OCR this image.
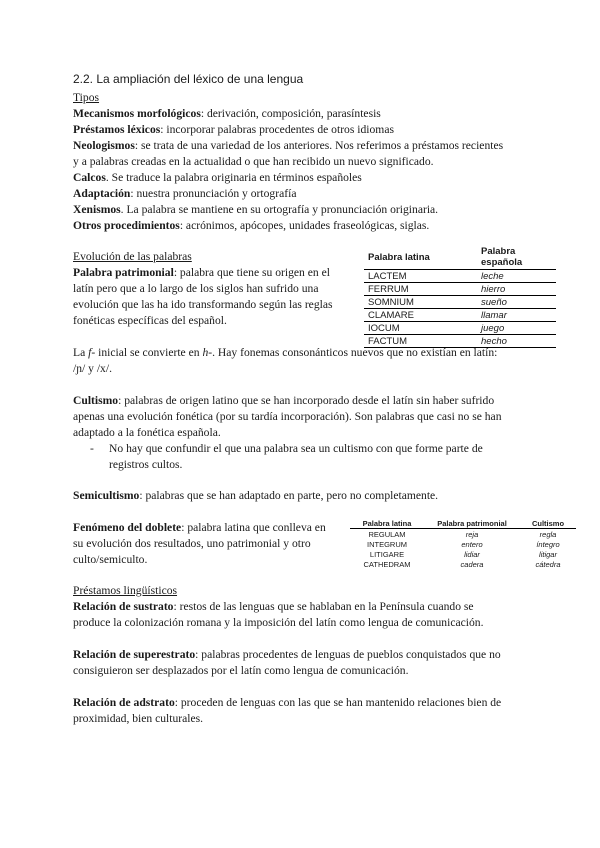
2.2. La ampliación del léxico de una lengua
Tipos
Mecanismos morfológicos: derivación, composición, parasíntesis
Préstamos léxicos: incorporar palabras procedentes de otros idiomas
Neologismos: se trata de una variedad de los anteriores. Nos referimos a préstamos recientes
y a palabras creadas en la actualidad o que han recibido un nuevo significado.
Calcos. Se traduce la palabra originaria en términos españoles
Adaptación: nuestra pronunciación y ortografía
Xenismos. La palabra se mantiene en su ortografía y pronunciación originaria.
Otros procedimientos: acrónimos, apócopes, unidades fraseológicas, siglas.
Evolución de las palabras
Palabra patrimonial: palabra que tiene su origen en el
latín pero que a lo largo de los siglos han sufrido una
evolución que las ha ido transformando según las reglas
fonéticas específicas del español.
Palabra latina	Palabra española
LACTEM	leche
FERRUM	hierro
SOMNIUM	sueño
CLAMARE	llamar
IOCUM	juego
FACTUM	hecho
La f- inicial se convierte en h-. Hay fonemas consonánticos nuevos que no existían en latín:
/ɲ/ y /x/.
Cultismo: palabras de origen latino que se han incorporado desde el latín sin haber sufrido
apenas una evolución fonética (por su tardía incorporación). Son palabras que casi no se han
adaptado a la fonética española.
- No hay que confundir el que una palabra sea un cultismo con que forme parte de
registros cultos.
Semicultismo: palabras que se han adaptado en parte, pero no completamente.
Fenómeno del doblete: palabra latina que conlleva en
su evolución dos resultados, uno patrimonial y otro
culto/semiculto.
Palabra latina	Palabra patrimonial	Cultismo
REGULAM	reja	regla
INTEGRUM	entero	íntegro
LITIGARE	lidiar	litigar
CATHEDRAM	cadera	cátedra
Préstamos lingüísticos
Relación de sustrato: restos de las lenguas que se hablaban en la Península cuando se
produce la colonización romana y la imposición del latín como lengua de comunicación.
Relación de superestrato: palabras procedentes de lenguas de pueblos conquistados que no
consiguieron ser desplazados por el latín como lengua de comunicación.
Relación de adstrato: proceden de lenguas con las que se han mantenido relaciones bien de
proximidad, bien culturales.
